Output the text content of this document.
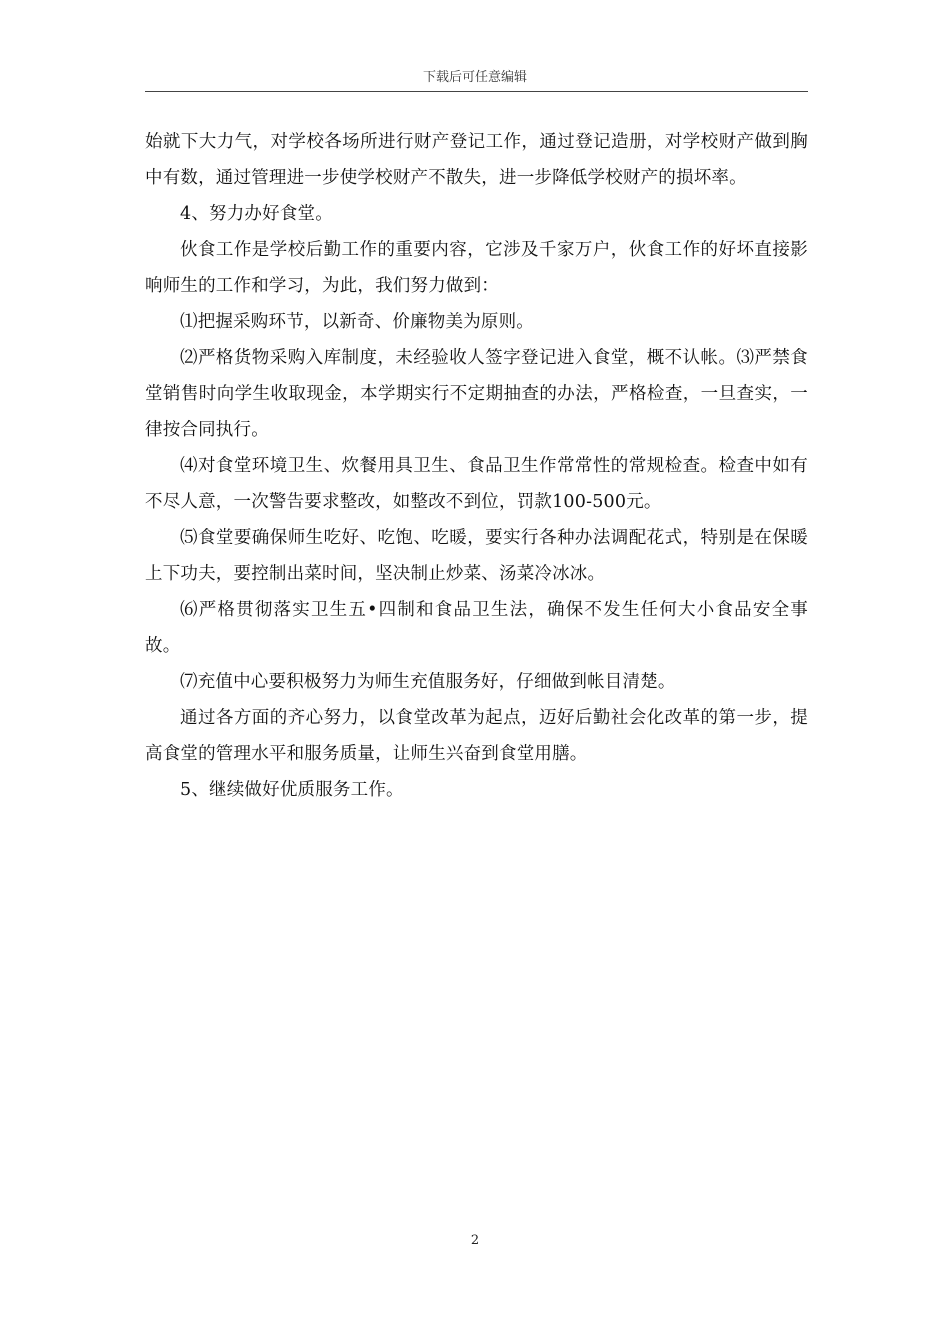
下载后可任意编辑

始就下大力气，对学校各场所进行财产登记工作，通过登记造册，对学校财产做到胸中有数，通过管理进一步使学校财产不散失，进一步降低学校财产的损坏率。

4、努力办好食堂。

伙食工作是学校后勤工作的重要内容，它涉及千家万户，伙食工作的好坏直接影响师生的工作和学习，为此，我们努力做到：

⑴把握采购环节，以新奇、价廉物美为原则。

⑵严格货物采购入库制度，未经验收人签字登记进入食堂，概不认帐。⑶严禁食堂销售时向学生收取现金，本学期实行不定期抽查的办法，严格检查，一旦查实，一律按合同执行。

⑷对食堂环境卫生、炊餐用具卫生、食品卫生作常常性的常规检查。检查中如有不尽人意，一次警告要求整改，如整改不到位，罚款100-500元。

⑸食堂要确保师生吃好、吃饱、吃暖，要实行各种办法调配花式，特别是在保暖上下功夫，要控制出菜时间，坚决制止炒菜、汤菜冷冰冰。

⑹严格贯彻落实卫生五•四制和食品卫生法，确保不发生任何大小食品安全事故。

⑺充值中心要积极努力为师生充值服务好，仔细做到帐目清楚。

通过各方面的齐心努力，以食堂改革为起点，迈好后勤社会化改革的第一步，提高食堂的管理水平和服务质量，让师生兴奋到食堂用膳。

5、继续做好优质服务工作。

2
